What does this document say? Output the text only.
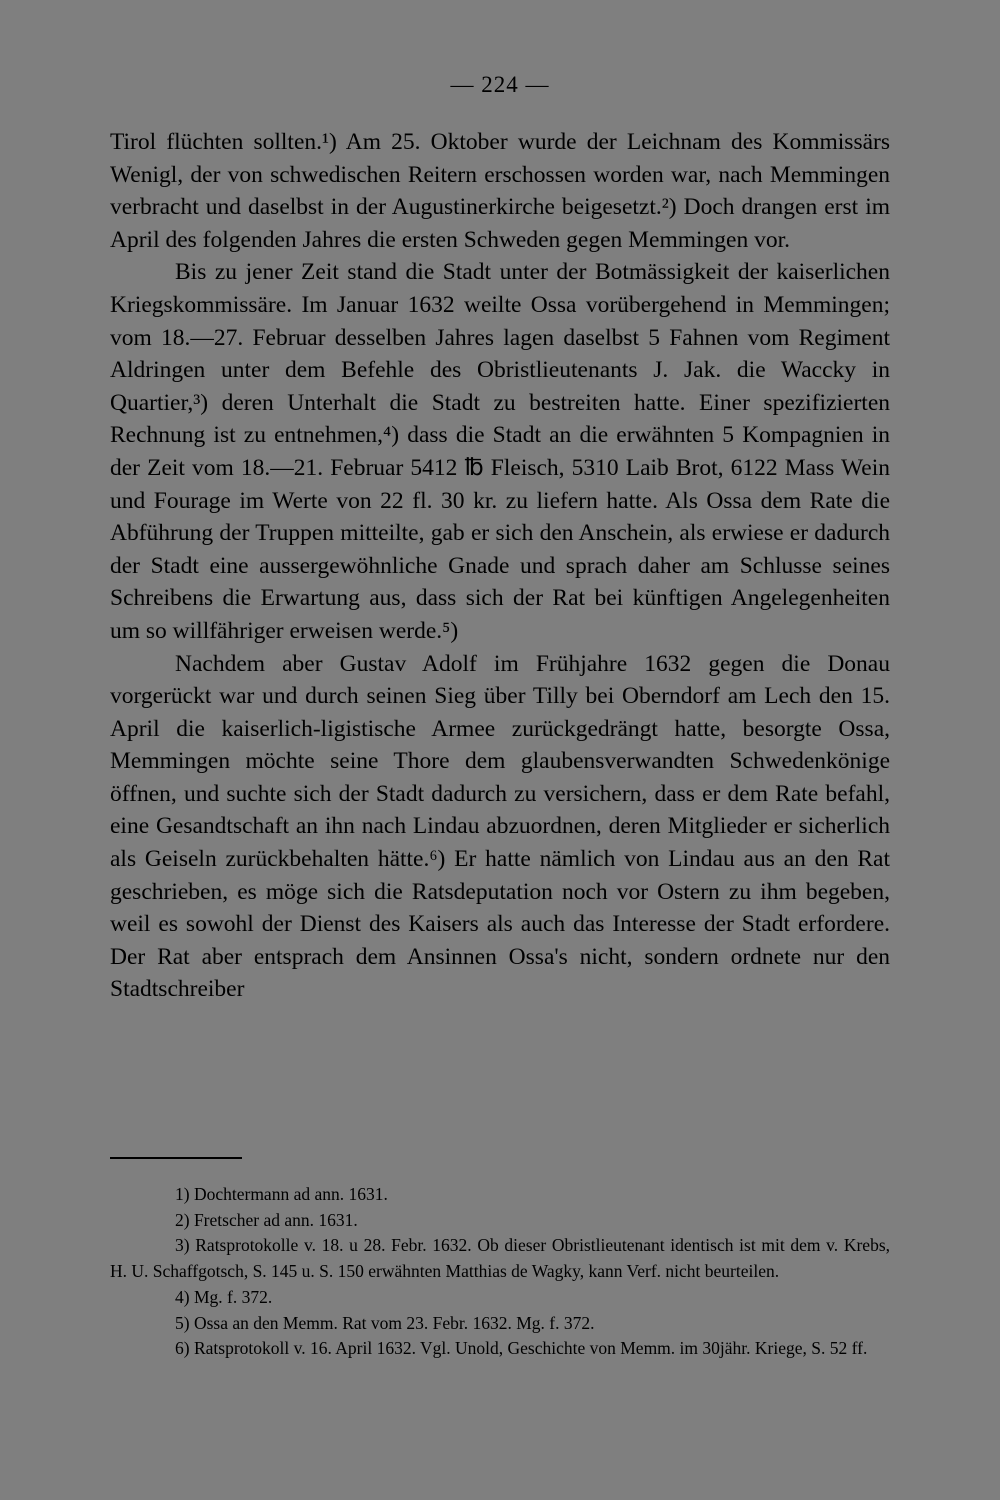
— 224 —

Tirol flüchten sollten.¹) Am 25. Oktober wurde der Leichnam des Kommissärs Wenigl, der von schwedischen Reitern erschossen worden war, nach Memmingen verbracht und daselbst in der Augustinerkirche beigesetzt.²) Doch drangen erst im April des folgenden Jahres die ersten Schweden gegen Memmingen vor.

Bis zu jener Zeit stand die Stadt unter der Botmässigkeit der kaiserlichen Kriegskommissäre. Im Januar 1632 weilte Ossa vorübergehend in Memmingen; vom 18.—27. Februar desselben Jahres lagen daselbst 5 Fahnen vom Regiment Aldringen unter dem Befehle des Obristlieutenants J. Jak. die Waccky in Quartier,³) deren Unterhalt die Stadt zu bestreiten hatte. Einer spezifizierten Rechnung ist zu entnehmen,⁴) dass die Stadt an die erwähnten 5 Kompagnien in der Zeit vom 18.—21. Februar 5412 ℔ Fleisch, 5310 Laib Brot, 6122 Mass Wein und Fourage im Werte von 22 fl. 30 kr. zu liefern hatte. Als Ossa dem Rate die Abführung der Truppen mitteilte, gab er sich den Anschein, als erwiese er dadurch der Stadt eine aussergewöhnliche Gnade und sprach daher am Schlusse seines Schreibens die Erwartung aus, dass sich der Rat bei künftigen Angelegenheiten um so willfähriger erweisen werde.⁵)

Nachdem aber Gustav Adolf im Frühjahre 1632 gegen die Donau vorgerückt war und durch seinen Sieg über Tilly bei Oberndorf am Lech den 15. April die kaiserlich-ligistische Armee zurückgedrängt hatte, besorgte Ossa, Memmingen möchte seine Thore dem glaubensverwandten Schwedenkönige öffnen, und suchte sich der Stadt dadurch zu versichern, dass er dem Rate befahl, eine Gesandtschaft an ihn nach Lindau abzuordnen, deren Mitglieder er sicherlich als Geiseln zurückbehalten hätte.⁶) Er hatte nämlich von Lindau aus an den Rat geschrieben, es möge sich die Ratsdeputation noch vor Ostern zu ihm begeben, weil es sowohl der Dienst des Kaisers als auch das Interesse der Stadt erfordere. Der Rat aber entsprach dem Ansinnen Ossa's nicht, sondern ordnete nur den Stadtschreiber

1) Dochtermann ad ann. 1631.

2) Fretscher ad ann. 1631.

3) Ratsprotokolle v. 18. u 28. Febr. 1632. Ob dieser Obristlieutenant identisch ist mit dem v. Krebs, H. U. Schaffgotsch, S. 145 u. S. 150 erwähnten Matthias de Wagky, kann Verf. nicht beurteilen.

4) Mg. f. 372.

5) Ossa an den Memm. Rat vom 23. Febr. 1632. Mg. f. 372.

6) Ratsprotokoll v. 16. April 1632. Vgl. Unold, Geschichte von Memm. im 30jähr. Kriege, S. 52 ff.
